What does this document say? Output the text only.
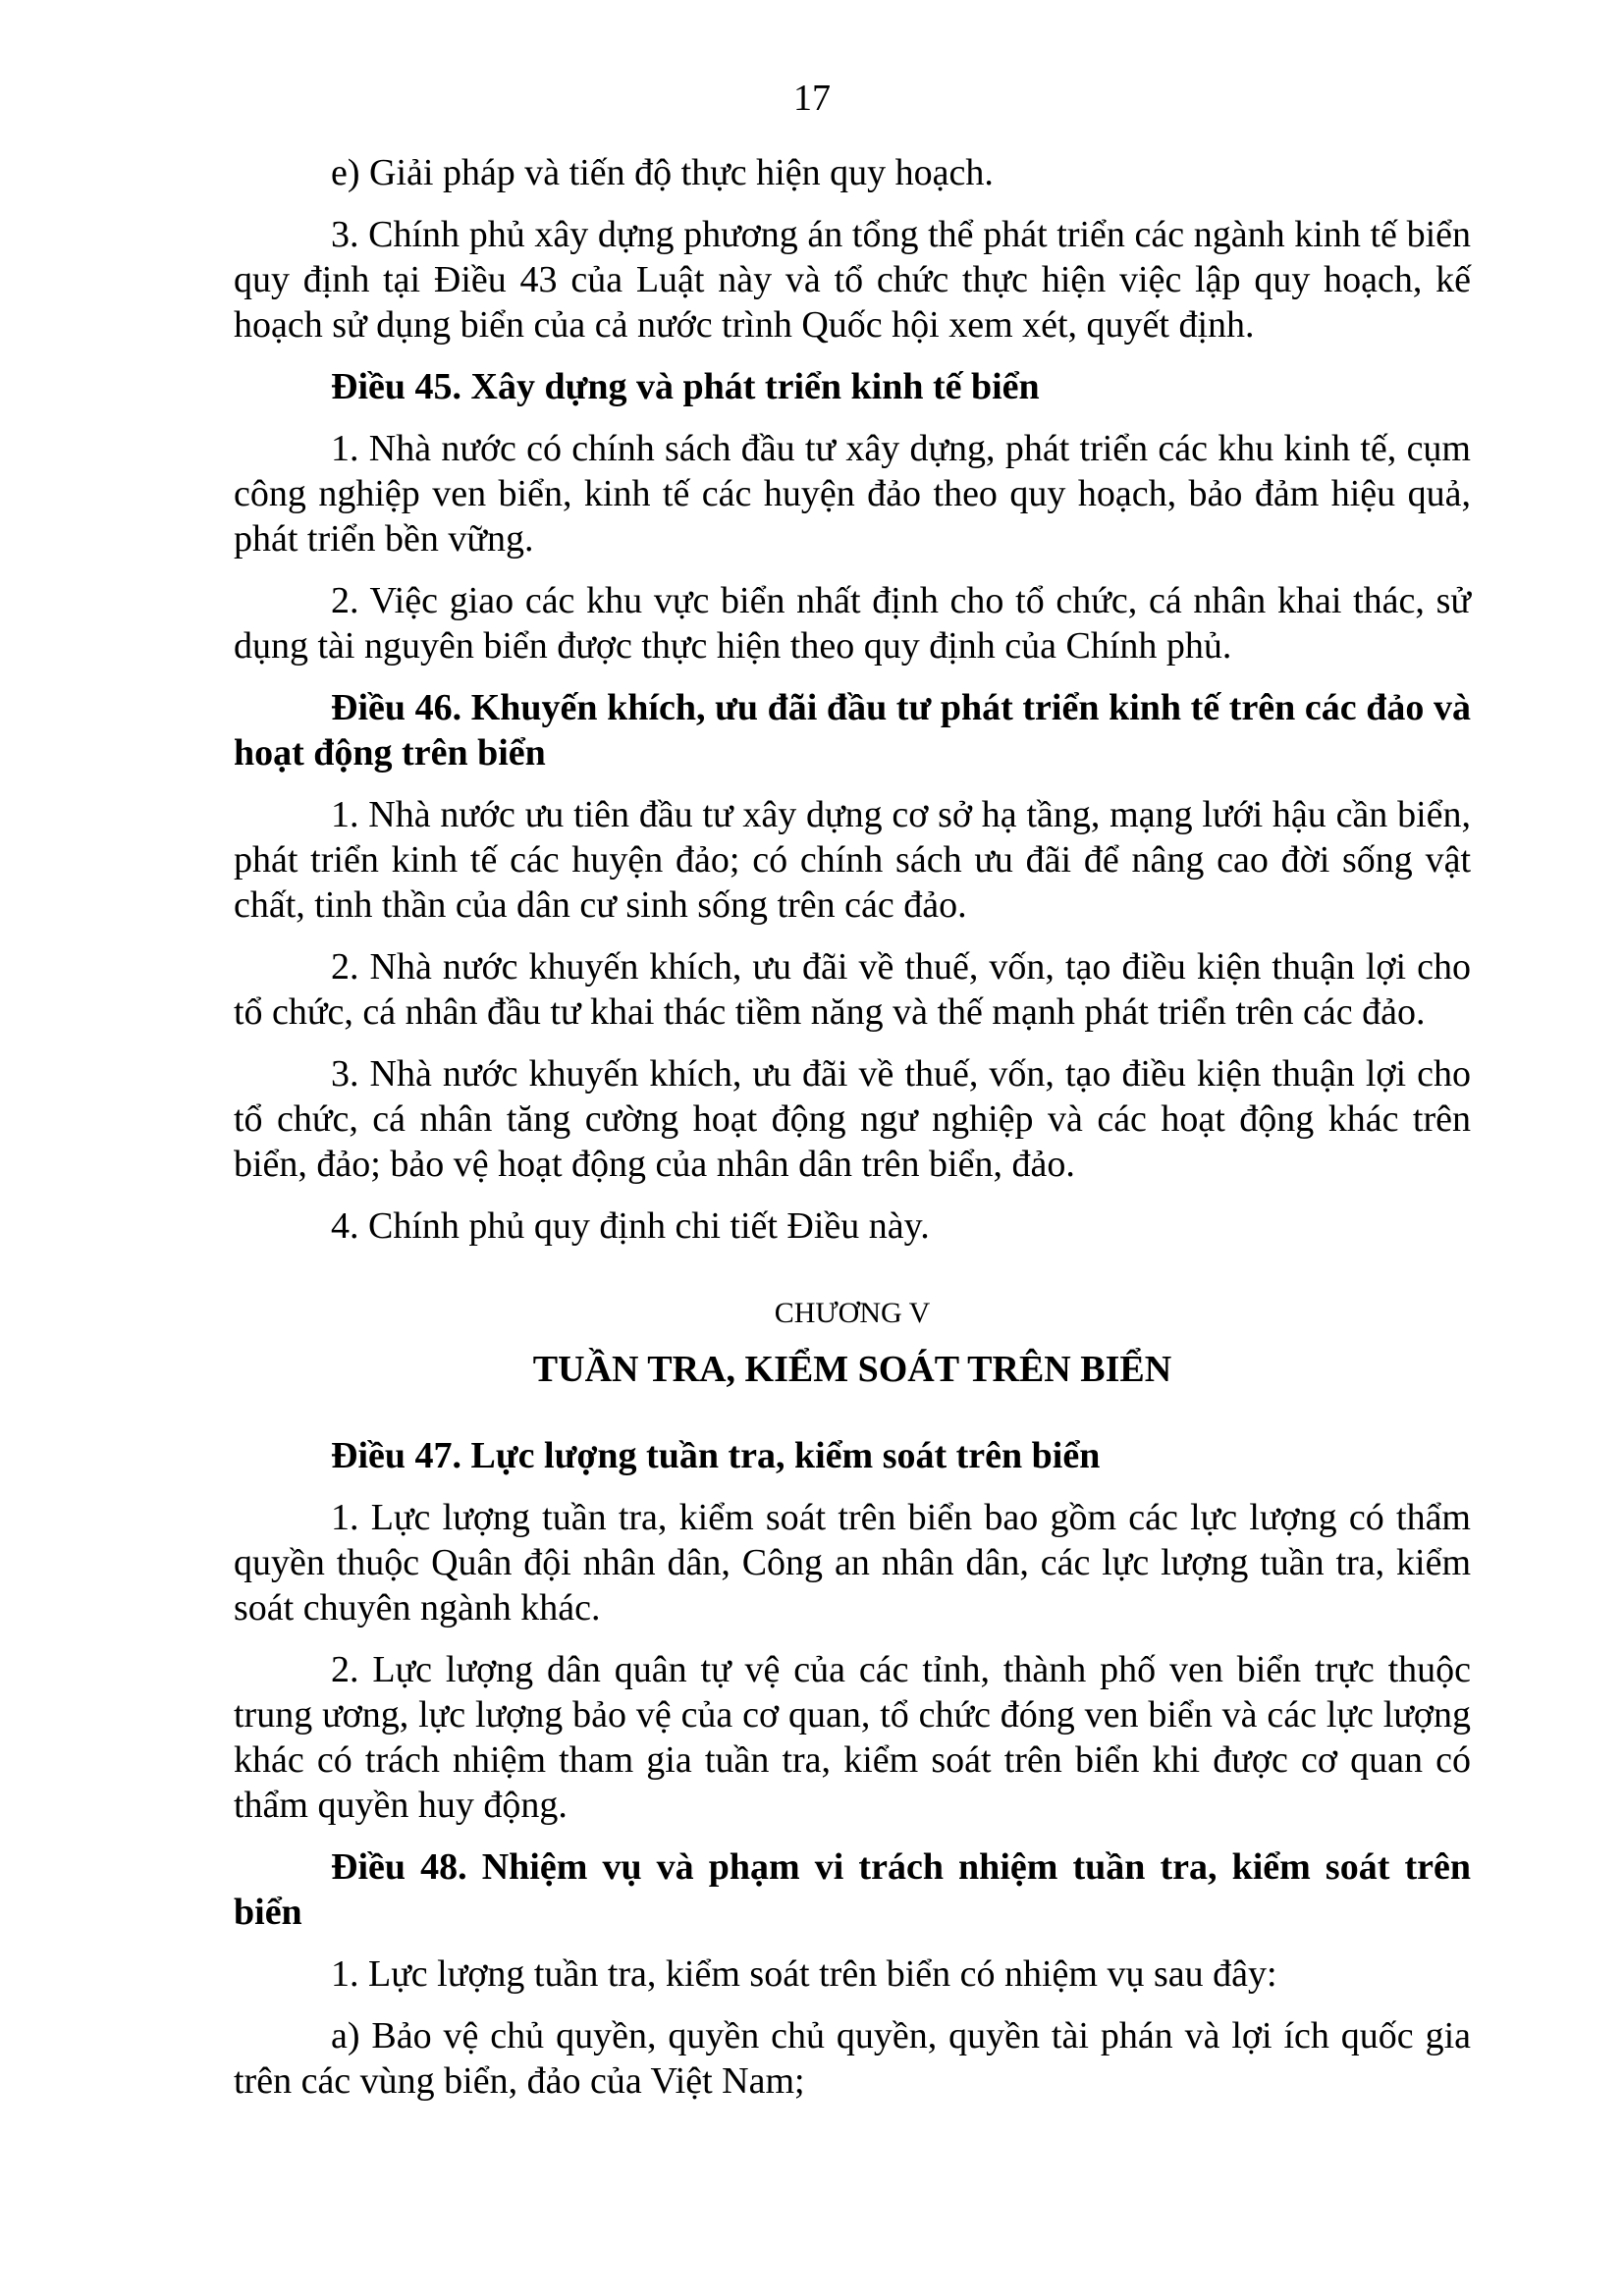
17

e) Giải pháp và tiến độ thực hiện quy hoạch.

3. Chính phủ xây dựng phương án tổng thể phát triển các ngành kinh tế biển quy định tại Điều 43 của Luật này và tổ chức thực hiện việc lập quy hoạch, kế hoạch sử dụng biển của cả nước trình Quốc hội xem xét, quyết định.

Điều 45. Xây dựng và phát triển kinh tế biển

1. Nhà nước có chính sách đầu tư xây dựng, phát triển các khu kinh tế, cụm công nghiệp ven biển, kinh tế các huyện đảo theo quy hoạch, bảo đảm hiệu quả, phát triển bền vững.

2. Việc giao các khu vực biển nhất định cho tổ chức, cá nhân khai thác, sử dụng tài nguyên biển được thực hiện theo quy định của Chính phủ.

Điều 46. Khuyến khích, ưu đãi đầu tư phát triển kinh tế trên các đảo và hoạt động trên biển

1. Nhà nước ưu tiên đầu tư xây dựng cơ sở hạ tầng, mạng lưới hậu cần biển, phát triển kinh tế các huyện đảo; có chính sách ưu đãi để nâng cao đời sống vật chất, tinh thần của dân cư sinh sống trên các đảo.

2. Nhà nước khuyến khích, ưu đãi về thuế, vốn, tạo điều kiện thuận lợi cho tổ chức, cá nhân đầu tư khai thác tiềm năng và thế mạnh phát triển trên các đảo.

3. Nhà nước khuyến khích, ưu đãi về thuế, vốn, tạo điều kiện thuận lợi cho tổ chức, cá nhân tăng cường hoạt động ngư nghiệp và các hoạt động khác trên biển, đảo; bảo vệ hoạt động của nhân dân trên biển, đảo.

4. Chính phủ quy định chi tiết Điều này.

CHƯƠNG V
TUẦN TRA, KIỂM SOÁT TRÊN BIỂN

Điều 47. Lực lượng tuần tra, kiểm soát trên biển

1. Lực lượng tuần tra, kiểm soát trên biển bao gồm các lực lượng có thẩm quyền thuộc Quân đội nhân dân, Công an nhân dân, các lực lượng tuần tra, kiểm soát chuyên ngành khác.

2. Lực lượng dân quân tự vệ của các tỉnh, thành phố ven biển trực thuộc trung ương, lực lượng bảo vệ của cơ quan, tổ chức đóng ven biển và các lực lượng khác có trách nhiệm tham gia tuần tra, kiểm soát trên biển khi được cơ quan có thẩm quyền huy động.

Điều 48. Nhiệm vụ và phạm vi trách nhiệm tuần tra, kiểm soát trên biển

1. Lực lượng tuần tra, kiểm soát trên biển có nhiệm vụ sau đây:

a) Bảo vệ chủ quyền, quyền chủ quyền, quyền tài phán và lợi ích quốc gia trên các vùng biển, đảo của Việt Nam;
